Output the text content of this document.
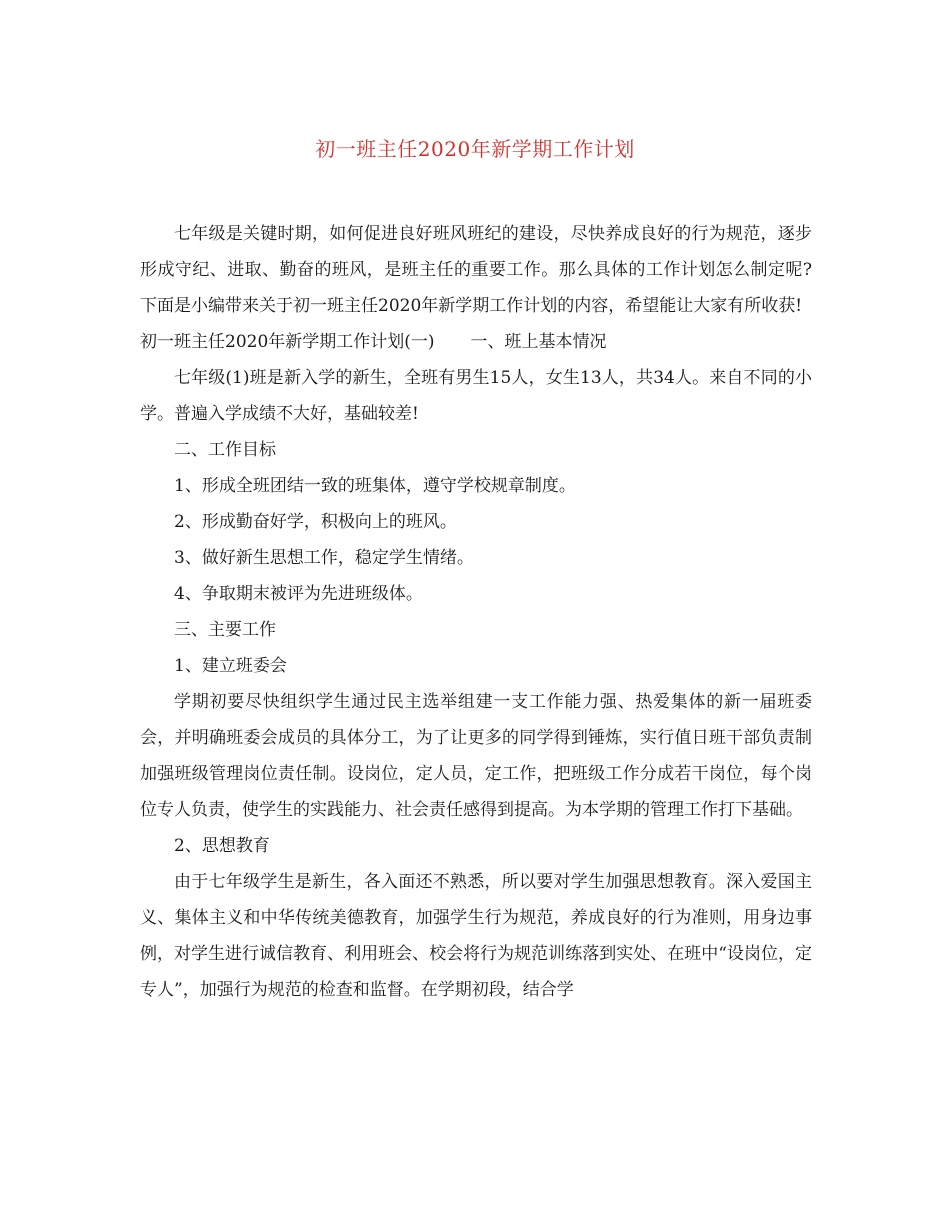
初一班主任2020年新学期工作计划

七年级是关键时期，如何促进良好班风班纪的建设，尽快养成良好的行为规范，逐步形成守纪、进取、勤奋的班风，是班主任的重要工作。那么具体的工作计划怎么制定呢?下面是小编带来关于初一班主任2020年新学期工作计划的内容，希望能让大家有所收获!

初一班主任2020年新学期工作计划(一) 一、班上基本情况

七年级(1)班是新入学的新生，全班有男生15人，女生13人，共34人。来自不同的小学。普遍入学成绩不大好，基础较差!

二、工作目标

1、形成全班团结一致的班集体，遵守学校规章制度。

2、形成勤奋好学，积极向上的班风。

3、做好新生思想工作，稳定学生情绪。

4、争取期末被评为先进班级体。

三、主要工作

1、建立班委会

学期初要尽快组织学生通过民主选举组建一支工作能力强、热爱集体的新一届班委会，并明确班委会成员的具体分工，为了让更多的同学得到锤炼，实行值日班干部负责制加强班级管理岗位责任制。设岗位，定人员，定工作，把班级工作分成若干岗位，每个岗位专人负责，使学生的实践能力、社会责任感得到提高。为本学期的管理工作打下基础。

2、思想教育

由于七年级学生是新生，各入面还不熟悉，所以要对学生加强思想教育。深入爱国主义、集体主义和中华传统美德教育，加强学生行为规范，养成良好的行为准则，用身边事例，对学生进行诚信教育、利用班会、校会将行为规范训练落到实处、在班中“设岗位，定专人”，加强行为规范的检查和监督。在学期初段，结合学
